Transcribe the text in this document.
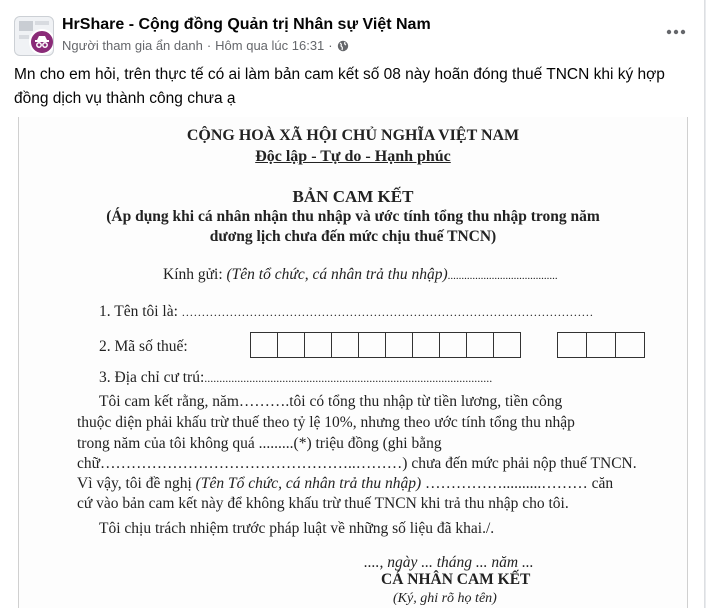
HrShare - Cộng đồng Quản trị Nhân sự Việt Nam
Người tham gia ẩn danh · Hôm qua lúc 16:31 ·
Mn cho em hỏi, trên thực tế có ai làm bản cam kết số 08 này hoãn đóng thuế TNCN khi ký hợp đồng dịch vụ thành công chưa ạ
CỘNG HOÀ XÃ HỘI CHỦ NGHĨA VIỆT NAM
Độc lập - Tự do - Hạnh phúc
BẢN CAM KẾT
(Áp dụng khi cá nhân nhận thu nhập và ước tính tổng thu nhập trong năm
dương lịch chưa đến mức chịu thuế TNCN)
Kính gửi: (Tên tổ chức, cá nhân trả thu nhập)........................................
1. Tên tôi là: .......................................................................................................
2. Mã số thuế:
3. Địa chỉ cư trú:................................................................................................
Tôi cam kết rằng, năm……….tôi có tổng thu nhập từ tiền lương, tiền công
thuộc diện phải khấu trừ thuế theo tỷ lệ 10%, nhưng theo ước tính tổng thu nhập
trong năm của tôi không quá .........(*) triệu đồng (ghi bằng
chữ…………………………………………..………) chưa đến mức phải nộp thuế TNCN.
Vì vậy, tôi đề nghị (Tên Tổ chức, cá nhân trả thu nhập) ……………..........……… căn
cứ vào bản cam kết này để không khấu trừ thuế TNCN khi trả thu nhập cho tôi.
Tôi chịu trách nhiệm trước pháp luật về những số liệu đã khai./.
...., ngày ... tháng ... năm ...
CÁ NHÂN CAM KẾT
(Ký, ghi rõ họ tên)
